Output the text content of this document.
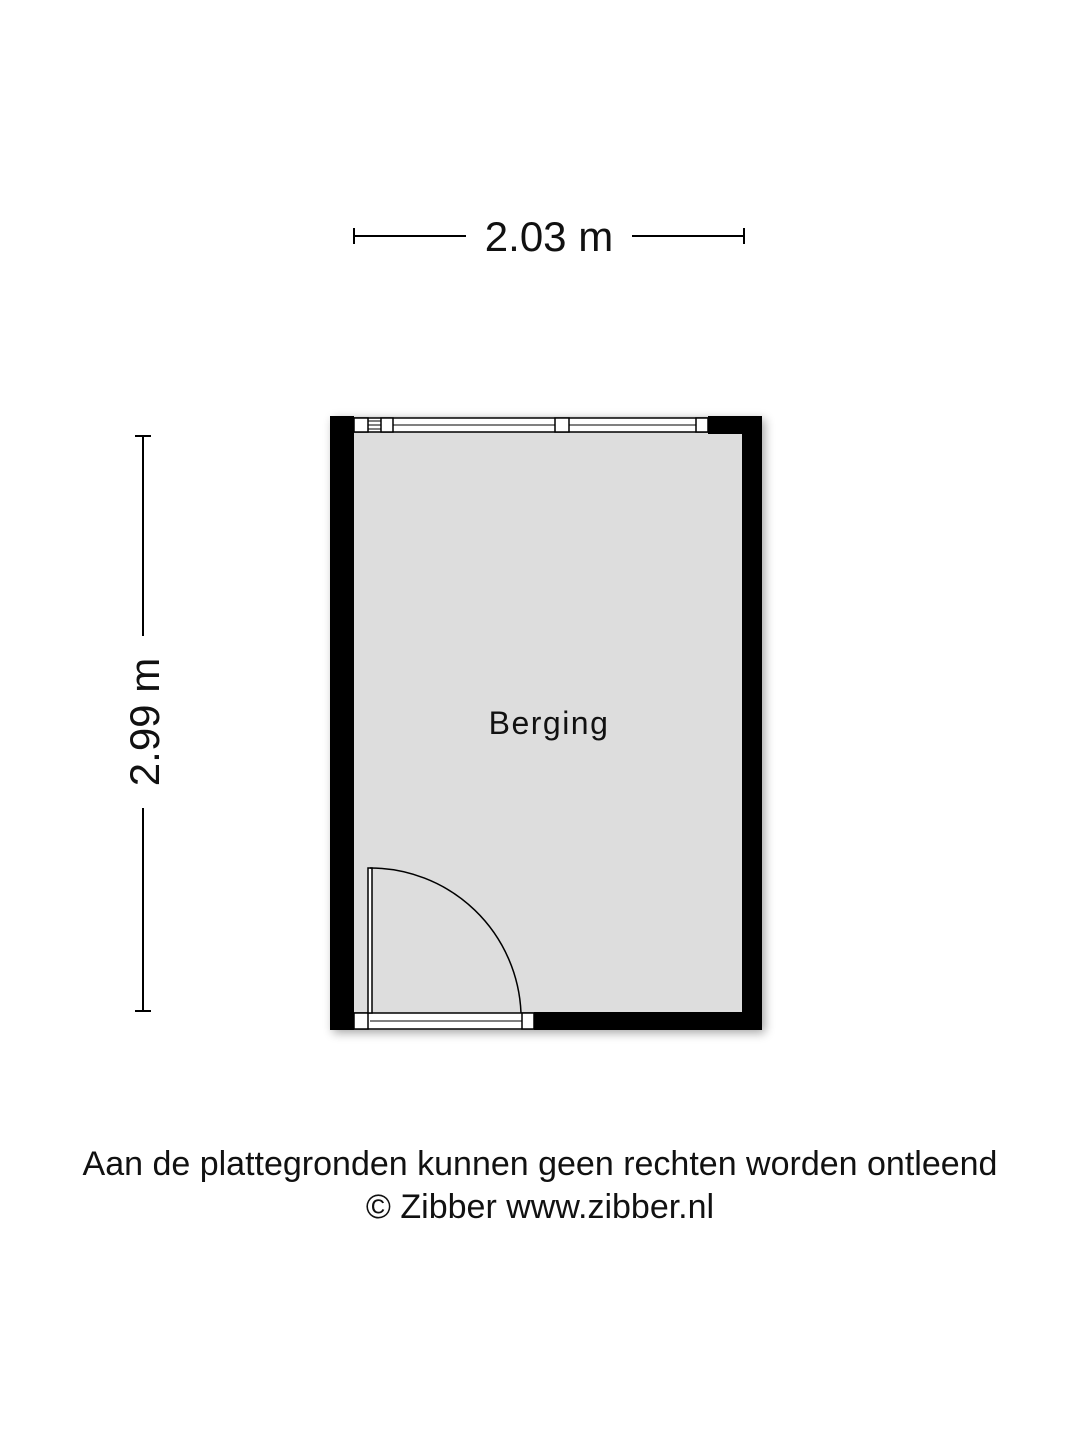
2.03 m
2.99 m	Berging
Aan de plattegronden kunnen geen rechten worden ontleend
© Zibber www.zibber.nl
